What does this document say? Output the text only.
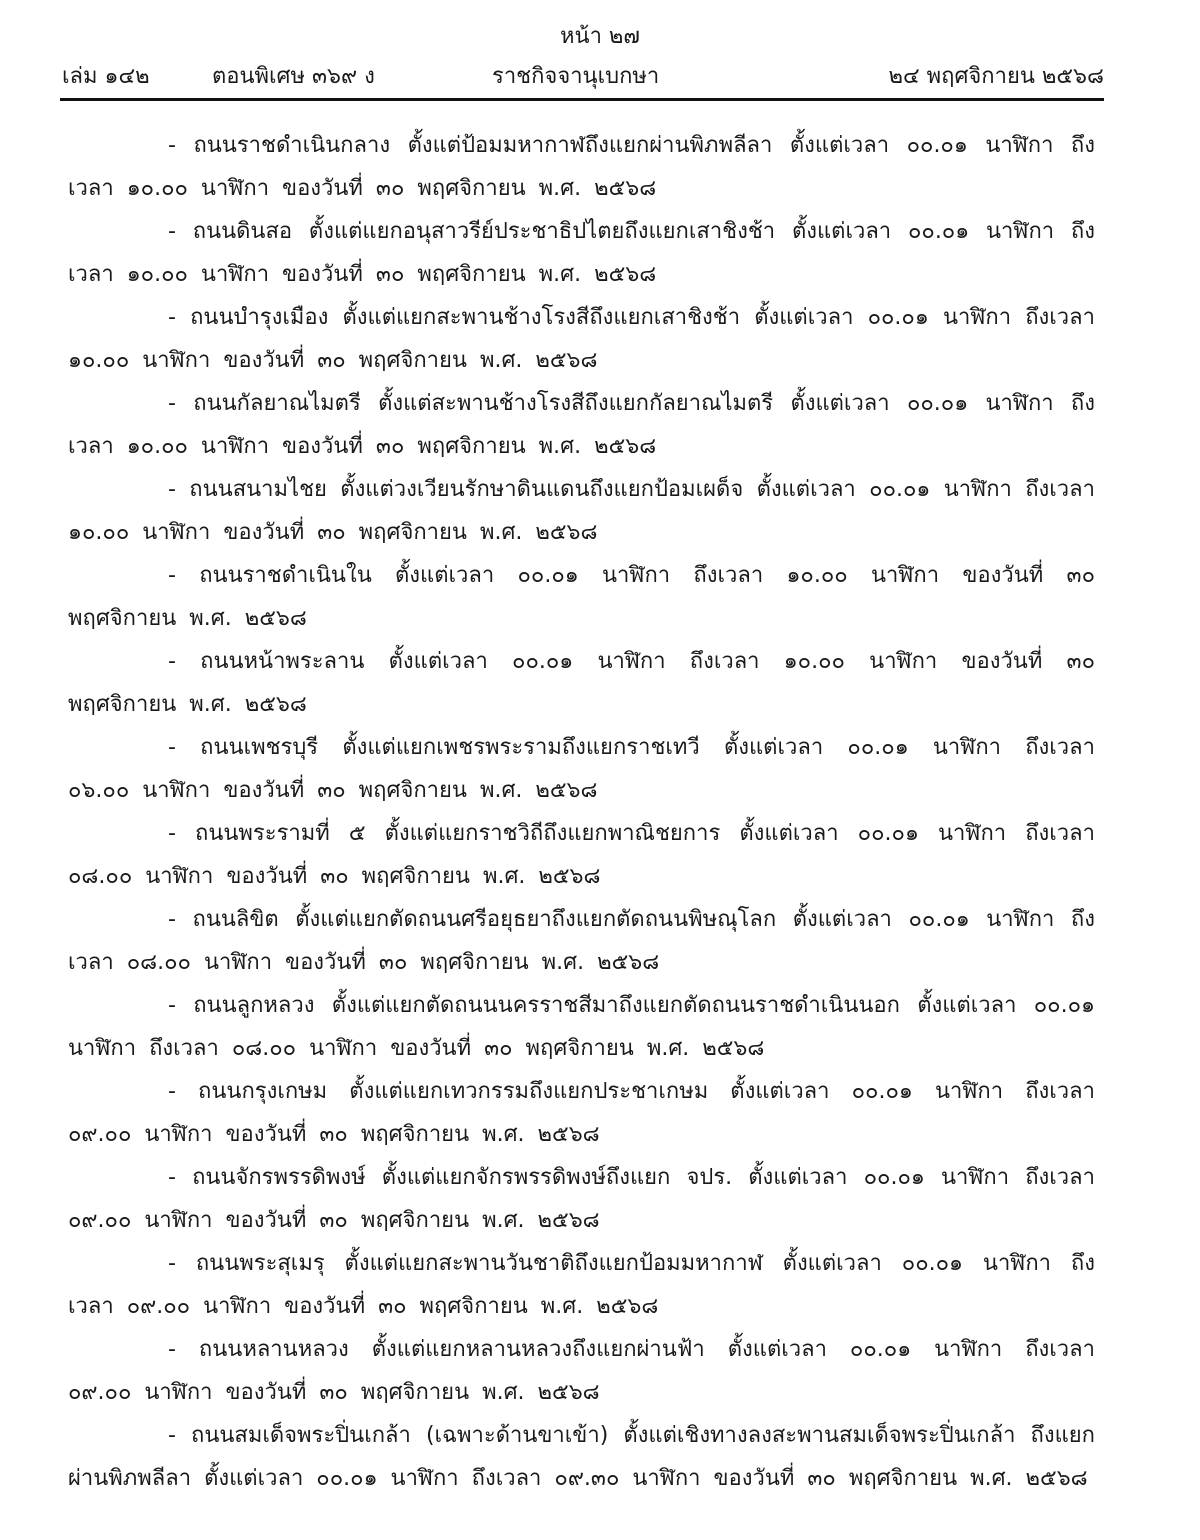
หน้า ๒๗
เล่ม ๑๔๒	ตอนพิเศษ ๓๖๙ ง	ราชกิจจานุเบกษา	๒๔ พฤศจิกายน ๒๕๖๘

- ถนนราชดำเนินกลาง ตั้งแต่ป้อมมหากาฬถึงแยกผ่านพิภพลีลา ตั้งแต่เวลา ๐๐.๐๑ นาฬิกา ถึงเวลา ๑๐.๐๐ นาฬิกา ของวันที่ ๓๐ พฤศจิกายน พ.ศ. ๒๕๖๘

- ถนนดินสอ ตั้งแต่แยกอนุสาวรีย์ประชาธิปไตยถึงแยกเสาชิงช้า ตั้งแต่เวลา ๐๐.๐๑ นาฬิกา ถึงเวลา ๑๐.๐๐ นาฬิกา ของวันที่ ๓๐ พฤศจิกายน พ.ศ. ๒๕๖๘

- ถนนบำรุงเมือง ตั้งแต่แยกสะพานช้างโรงสีถึงแยกเสาชิงช้า ตั้งแต่เวลา ๐๐.๐๑ นาฬิกา ถึงเวลา ๑๐.๐๐ นาฬิกา ของวันที่ ๓๐ พฤศจิกายน พ.ศ. ๒๕๖๘

- ถนนกัลยาณไมตรี ตั้งแต่สะพานช้างโรงสีถึงแยกกัลยาณไมตรี ตั้งแต่เวลา ๐๐.๐๑ นาฬิกา ถึงเวลา ๑๐.๐๐ นาฬิกา ของวันที่ ๓๐ พฤศจิกายน พ.ศ. ๒๕๖๘

- ถนนสนามไชย ตั้งแต่วงเวียนรักษาดินแดนถึงแยกป้อมเผด็จ ตั้งแต่เวลา ๐๐.๐๑ นาฬิกา ถึงเวลา ๑๐.๐๐ นาฬิกา ของวันที่ ๓๐ พฤศจิกายน พ.ศ. ๒๕๖๘

- ถนนราชดำเนินใน ตั้งแต่เวลา ๐๐.๐๑ นาฬิกา ถึงเวลา ๑๐.๐๐ นาฬิกา ของวันที่ ๓๐ พฤศจิกายน พ.ศ. ๒๕๖๘

- ถนนหน้าพระลาน ตั้งแต่เวลา ๐๐.๐๑ นาฬิกา ถึงเวลา ๑๐.๐๐ นาฬิกา ของวันที่ ๓๐ พฤศจิกายน พ.ศ. ๒๕๖๘

- ถนนเพชรบุรี ตั้งแต่แยกเพชรพระรามถึงแยกราชเทวี ตั้งแต่เวลา ๐๐.๐๑ นาฬิกา ถึงเวลา ๐๖.๐๐ นาฬิกา ของวันที่ ๓๐ พฤศจิกายน พ.ศ. ๒๕๖๘

- ถนนพระรามที่ ๕ ตั้งแต่แยกราชวิถีถึงแยกพาณิชยการ ตั้งแต่เวลา ๐๐.๐๑ นาฬิกา ถึงเวลา ๐๘.๐๐ นาฬิกา ของวันที่ ๓๐ พฤศจิกายน พ.ศ. ๒๕๖๘

- ถนนลิขิต ตั้งแต่แยกตัดถนนศรีอยุธยาถึงแยกตัดถนนพิษณุโลก ตั้งแต่เวลา ๐๐.๐๑ นาฬิกา ถึงเวลา ๐๘.๐๐ นาฬิกา ของวันที่ ๓๐ พฤศจิกายน พ.ศ. ๒๕๖๘

- ถนนลูกหลวง ตั้งแต่แยกตัดถนนนครราชสีมาถึงแยกตัดถนนราชดำเนินนอก ตั้งแต่เวลา ๐๐.๐๑ นาฬิกา ถึงเวลา ๐๘.๐๐ นาฬิกา ของวันที่ ๓๐ พฤศจิกายน พ.ศ. ๒๕๖๘

- ถนนกรุงเกษม ตั้งแต่แยกเทวกรรมถึงแยกประชาเกษม ตั้งแต่เวลา ๐๐.๐๑ นาฬิกา ถึงเวลา ๐๙.๐๐ นาฬิกา ของวันที่ ๓๐ พฤศจิกายน พ.ศ. ๒๕๖๘

- ถนนจักรพรรดิพงษ์ ตั้งแต่แยกจักรพรรดิพงษ์ถึงแยก จปร. ตั้งแต่เวลา ๐๐.๐๑ นาฬิกา ถึงเวลา ๐๙.๐๐ นาฬิกา ของวันที่ ๓๐ พฤศจิกายน พ.ศ. ๒๕๖๘

- ถนนพระสุเมรุ ตั้งแต่แยกสะพานวันชาติถึงแยกป้อมมหากาฬ ตั้งแต่เวลา ๐๐.๐๑ นาฬิกา ถึงเวลา ๐๙.๐๐ นาฬิกา ของวันที่ ๓๐ พฤศจิกายน พ.ศ. ๒๕๖๘

- ถนนหลานหลวง ตั้งแต่แยกหลานหลวงถึงแยกผ่านฟ้า ตั้งแต่เวลา ๐๐.๐๑ นาฬิกา ถึงเวลา ๐๙.๐๐ นาฬิกา ของวันที่ ๓๐ พฤศจิกายน พ.ศ. ๒๕๖๘

- ถนนสมเด็จพระปิ่นเกล้า (เฉพาะด้านขาเข้า) ตั้งแต่เชิงทางลงสะพานสมเด็จพระปิ่นเกล้า ถึงแยกผ่านพิภพลีลา ตั้งแต่เวลา ๐๐.๐๑ นาฬิกา ถึงเวลา ๐๙.๓๐ นาฬิกา ของวันที่ ๓๐ พฤศจิกายน พ.ศ. ๒๕๖๘
